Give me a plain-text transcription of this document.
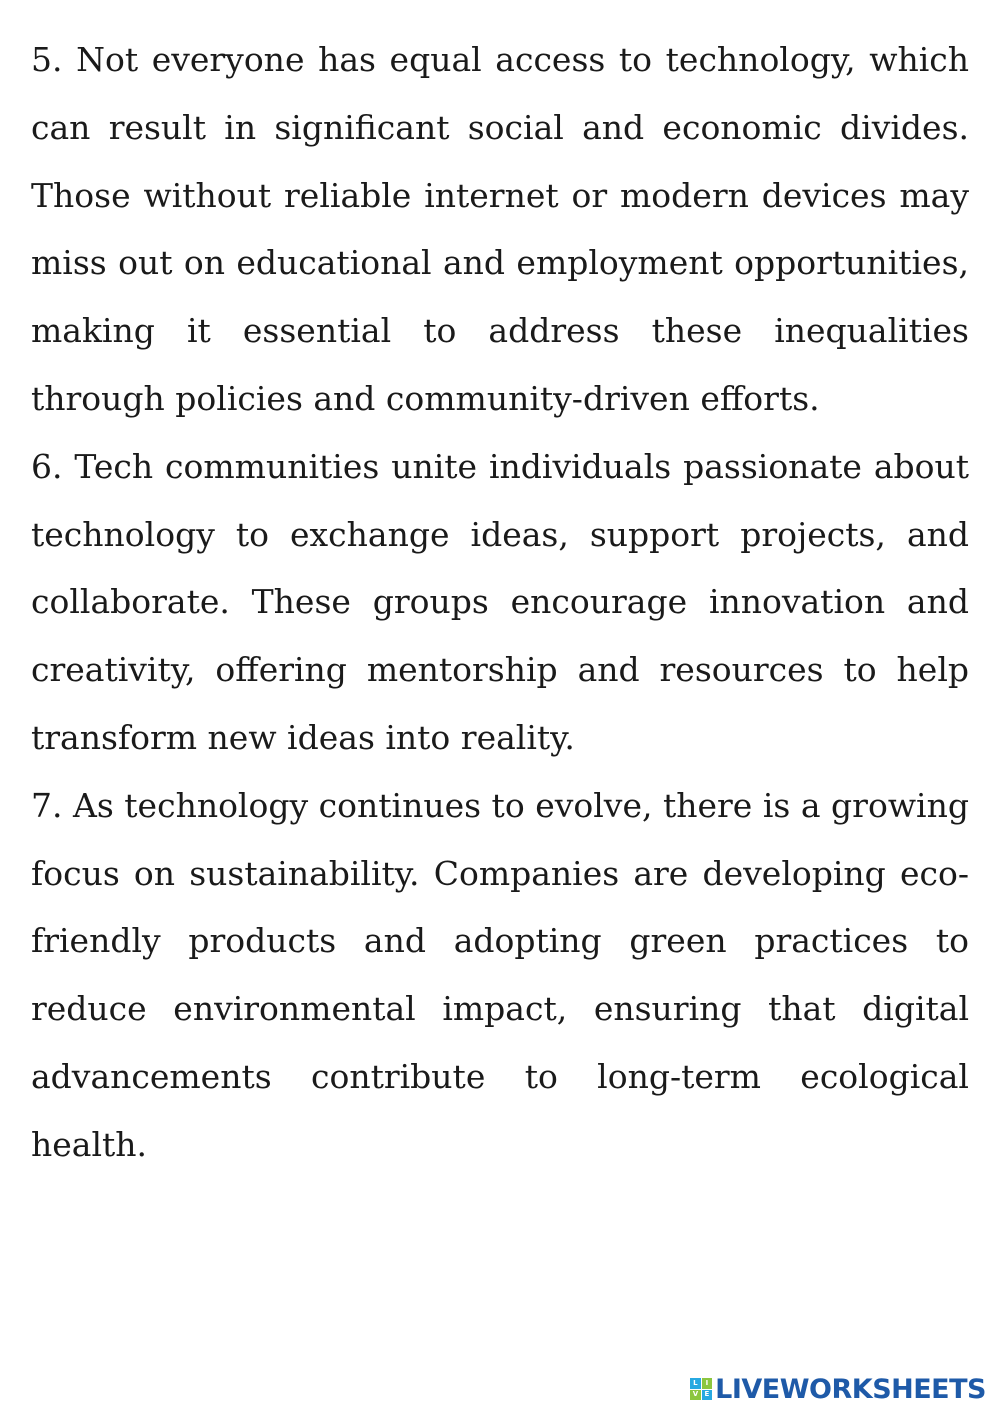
5. Not everyone has equal access to technology, which can result in significant social and economic divides. Those without reliable internet or modern devices may miss out on educational and employment opportunities, making it essential to address these inequalities through policies and community-driven efforts.

6. Tech communities unite individuals passionate about technology to exchange ideas, support projects, and collaborate. These groups encourage innovation and creativity, offering mentorship and resources to help transform new ideas into reality.

7. As technology continues to evolve, there is a growing focus on sustainability. Companies are developing eco-friendly products and adopting green practices to reduce environmental impact, ensuring that digital advancements contribute to long-term ecological health.

L	I
V E LIVEWORKSHEETS
